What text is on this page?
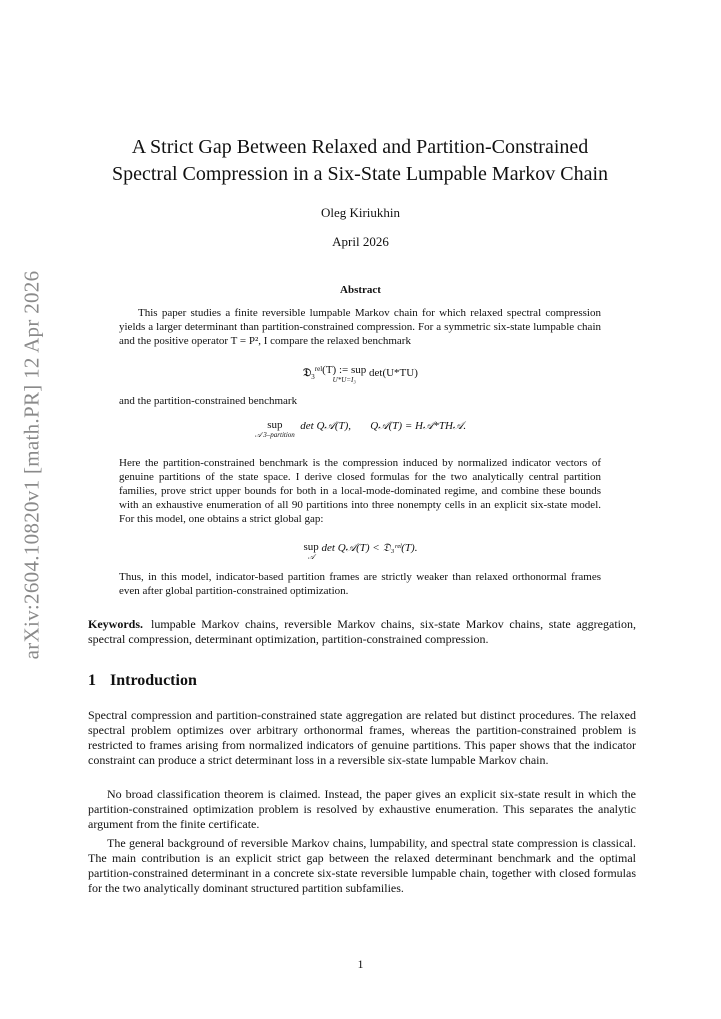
arXiv:2604.10820v1 [math.PR] 12 Apr 2026
A Strict Gap Between Relaxed and Partition-Constrained
Spectral Compression in a Six-State Lumpable Markov Chain
Oleg Kiriukhin
April 2026
Abstract
This paper studies a finite reversible lumpable Markov chain for which relaxed spectral compression yields a larger determinant than partition-constrained compression. For a symmetric six-state lumpable chain and the positive operator T = P², I compare the relaxed benchmark
𝔇$_3^{rel}$(T) := sup
U*U=I₃
det(U*TU)
and the partition-constrained benchmark
sup
𝒜 3–partition
det Q𝒜(T), Q𝒜(T) = H𝒜*TH𝒜.
Here the partition-constrained benchmark is the compression induced by normalized indicator vectors of genuine partitions of the state space. I derive closed formulas for the two analytically central partition families, prove strict upper bounds for both in a local-mode-dominated regime, and combine these bounds with an exhaustive enumeration of all 90 partitions into three nonempty cells in an explicit six-state model. For this model, one obtains a strict global gap:
sup
𝒜
det Q𝒜(T) < 𝔇₃ʳᵉˡ(T).
Thus, in this model, indicator-based partition frames are strictly weaker than relaxed orthonormal frames even after global partition-constrained optimization.
Keywords. lumpable Markov chains, reversible Markov chains, six-state Markov chains, state aggregation, spectral compression, determinant optimization, partition-constrained compression.
1 Introduction
Spectral compression and partition-constrained state aggregation are related but distinct procedures. The relaxed spectral problem optimizes over arbitrary orthonormal frames, whereas the partition-constrained problem is restricted to frames arising from normalized indicators of genuine partitions. This paper shows that the indicator constraint can produce a strict determinant loss in a reversible six-state lumpable Markov chain.
No broad classification theorem is claimed. Instead, the paper gives an explicit six-state result in which the partition-constrained optimization problem is resolved by exhaustive enumeration. This separates the analytic argument from the finite certificate.
The general background of reversible Markov chains, lumpability, and spectral state compression is classical. The main contribution is an explicit strict gap between the relaxed determinant benchmark and the optimal partition-constrained determinant in a concrete six-state reversible lumpable chain, together with closed formulas for the two analytically dominant structured partition subfamilies.
1
